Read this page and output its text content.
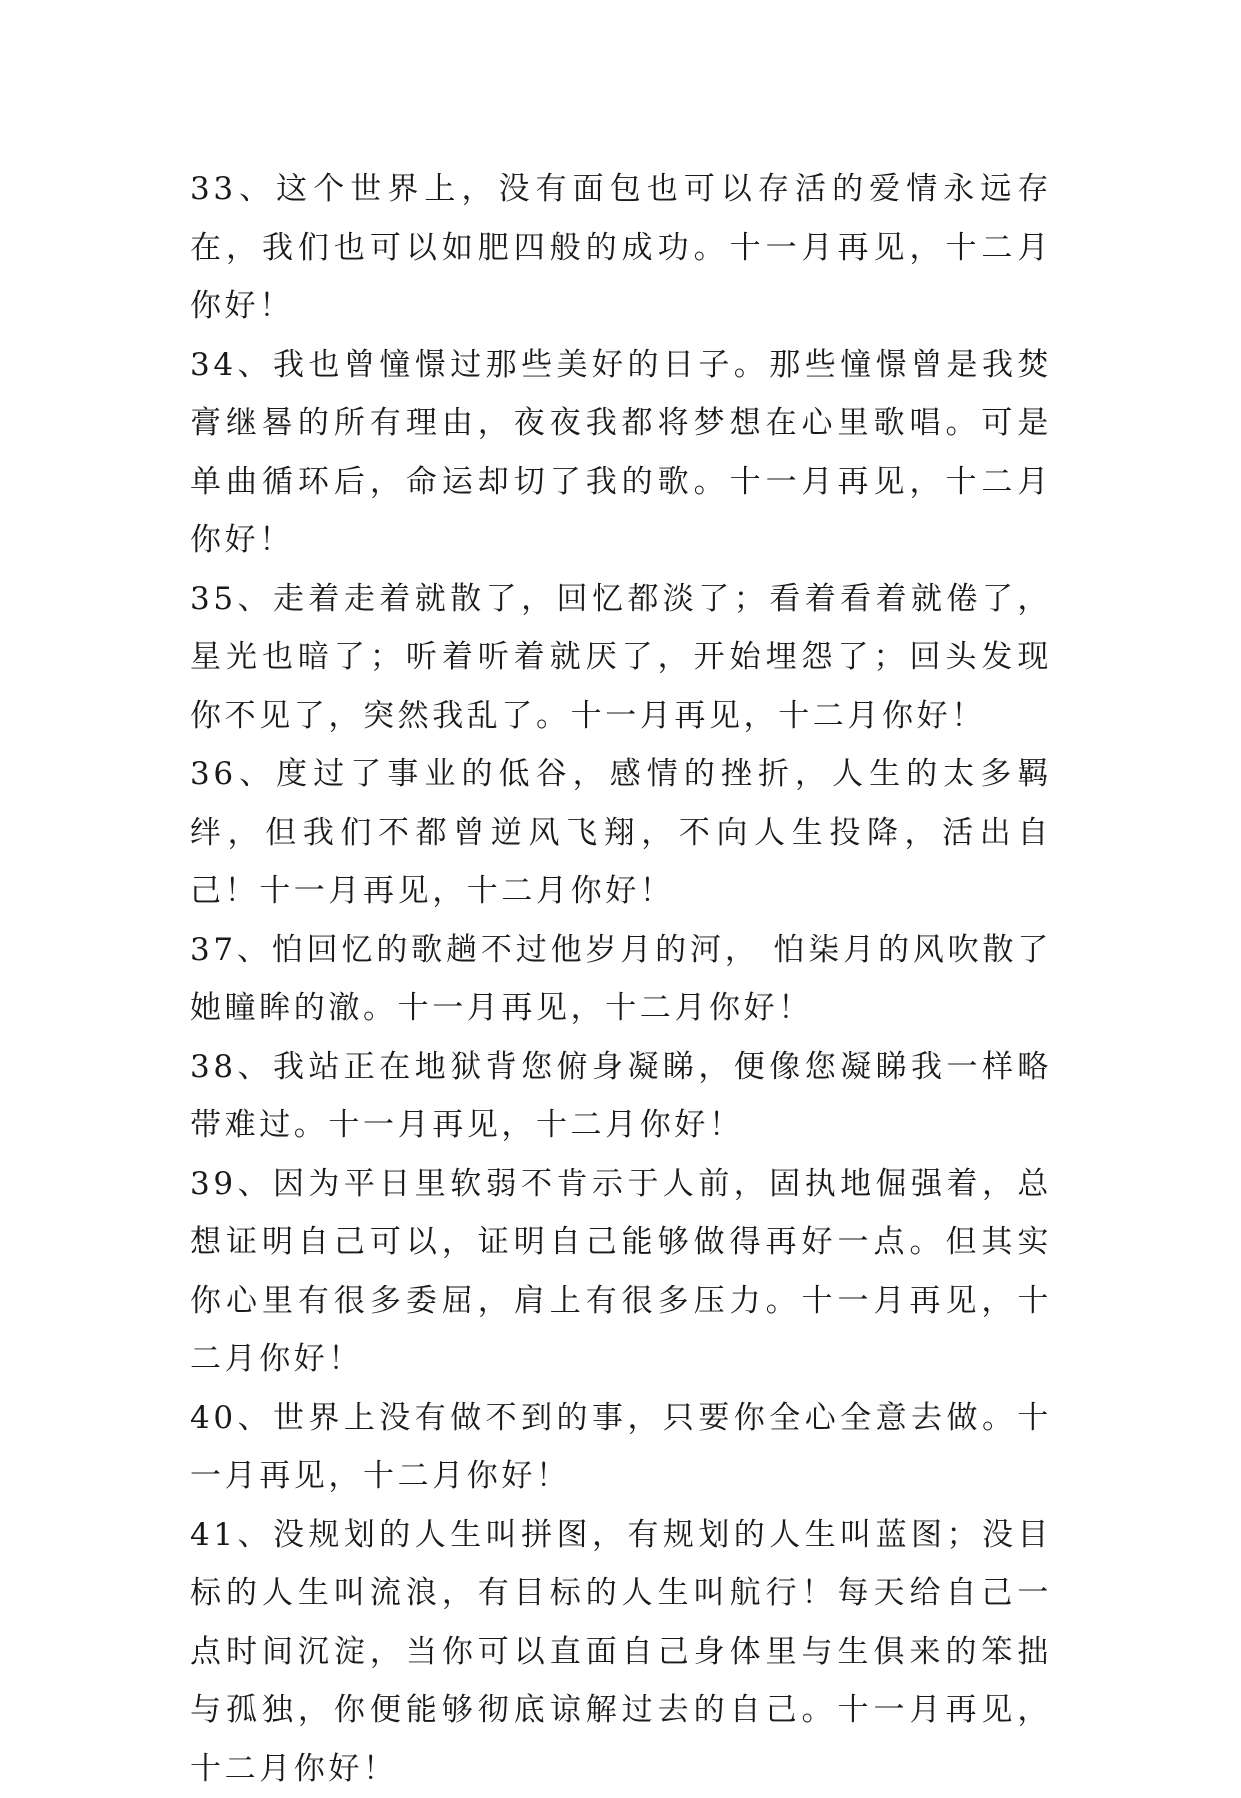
33、这个世界上，没有面包也可以存活的爱情永远存在，我们也可以如肥四般的成功。十一月再见，十二月你好！

34、我也曾憧憬过那些美好的日子。那些憧憬曾是我焚膏继晷的所有理由，夜夜我都将梦想在心里歌唱。可是单曲循环后，命运却切了我的歌。十一月再见，十二月你好！

35、走着走着就散了，回忆都淡了；看着看着就倦了，星光也暗了；听着听着就厌了，开始埋怨了；回头发现你不见了，突然我乱了。十一月再见，十二月你好！

36、度过了事业的低谷，感情的挫折，人生的太多羁绊，但我们不都曾逆风飞翔，不向人生投降，活出自己！十一月再见，十二月你好！

37、怕回忆的歌趟不过他岁月的河， 怕柒月的风吹散了她瞳眸的澈。十一月再见，十二月你好！

38、我站正在地狱背您俯身凝睇，便像您凝睇我一样略带难过。十一月再见，十二月你好！

39、因为平日里软弱不肯示于人前，固执地倔强着，总想证明自己可以，证明自己能够做得再好一点。但其实你心里有很多委屈，肩上有很多压力。十一月再见，十二月你好！

40、世界上没有做不到的事，只要你全心全意去做。十一月再见，十二月你好！

41、没规划的人生叫拼图，有规划的人生叫蓝图；没目标的人生叫流浪，有目标的人生叫航行！每天给自己一点时间沉淀，当你可以直面自己身体里与生俱来的笨拙与孤独，你便能够彻底谅解过去的自己。十一月再见，十二月你好！
